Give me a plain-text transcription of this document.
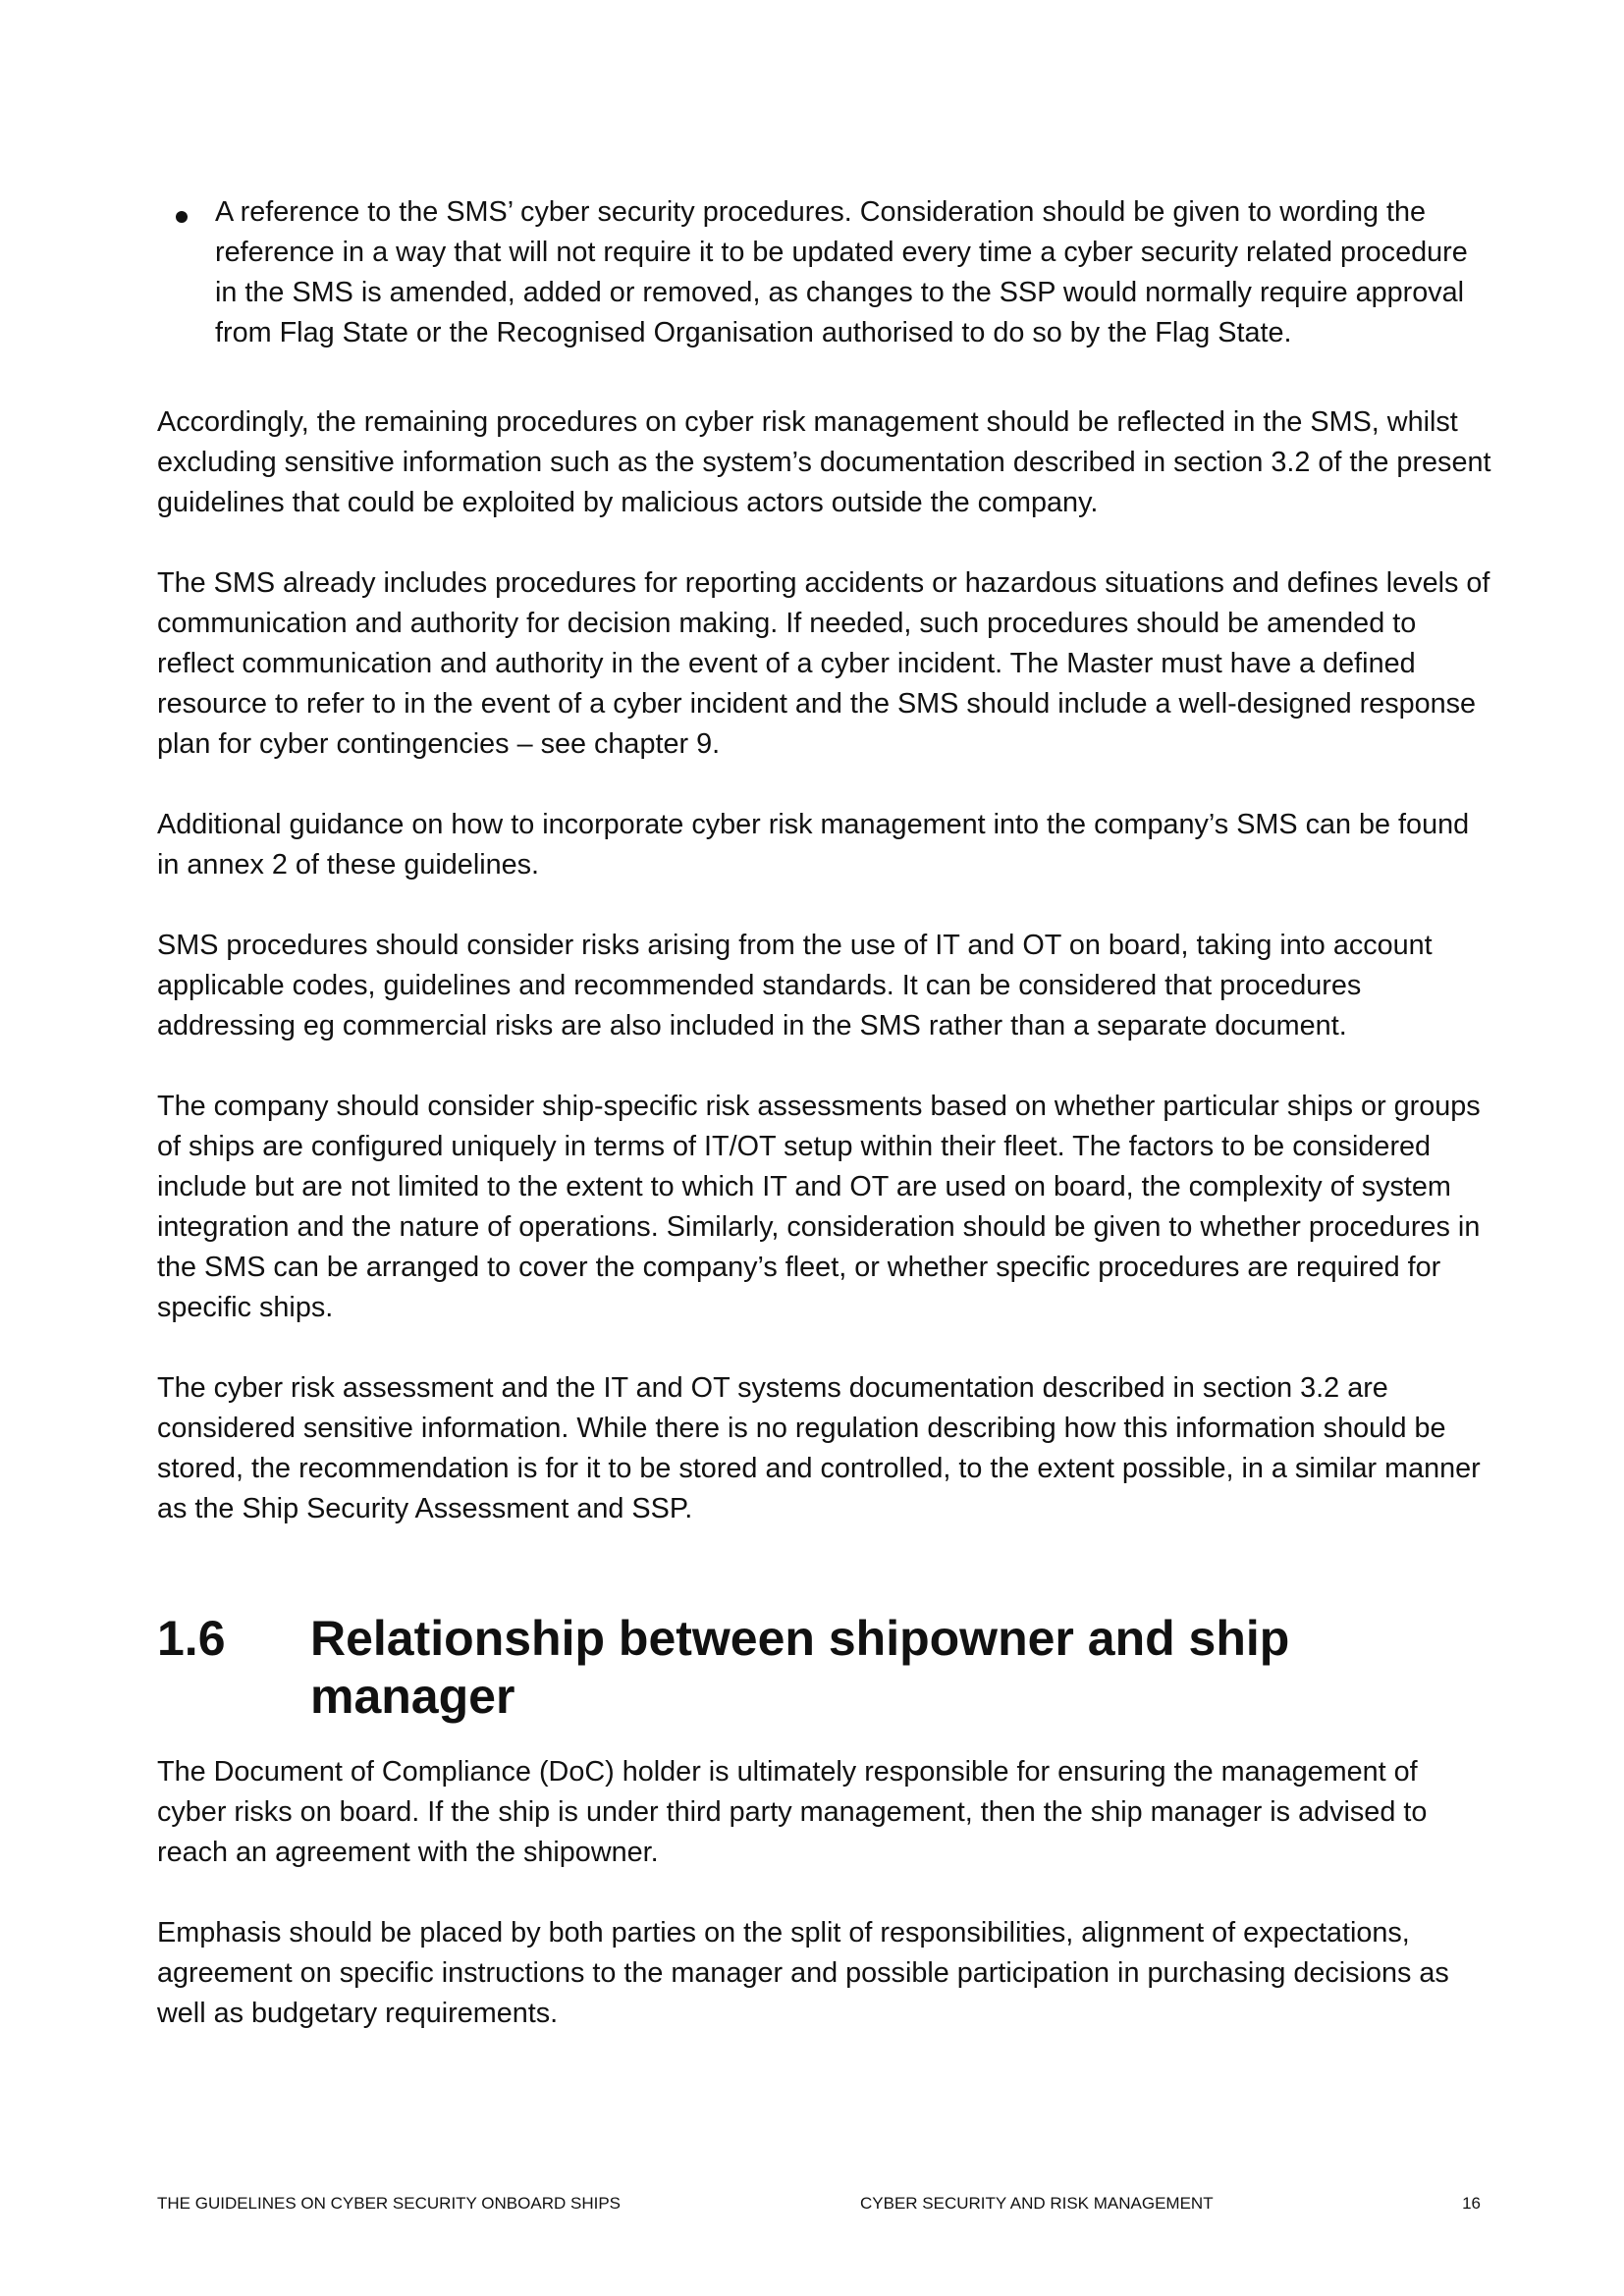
A reference to the SMS’ cyber security procedures. Consideration should be given to wording the reference in a way that will not require it to be updated every time a cyber security related procedure in the SMS is amended, added or removed, as changes to the SSP would normally require approval from Flag State or the Recognised Organisation authorised to do so by the Flag State.

Accordingly, the remaining procedures on cyber risk management should be reflected in the SMS, whilst excluding sensitive information such as the system’s documentation described in section 3.2 of the present guidelines that could be exploited by malicious actors outside the company.

The SMS already includes procedures for reporting accidents or hazardous situations and defines levels of communication and authority for decision making. If needed, such procedures should be amended to reflect communication and authority in the event of a cyber incident. The Master must have a defined resource to refer to in the event of a cyber incident and the SMS should include a well-designed response plan for cyber contingencies – see chapter 9.

Additional guidance on how to incorporate cyber risk management into the company’s SMS can be found in annex 2 of these guidelines.

SMS procedures should consider risks arising from the use of IT and OT on board, taking into account applicable codes, guidelines and recommended standards. It can be considered that procedures addressing eg commercial risks are also included in the SMS rather than a separate document.

The company should consider ship-specific risk assessments based on whether particular ships or groups of ships are configured uniquely in terms of IT/OT setup within their fleet. The factors to be considered include but are not limited to the extent to which IT and OT are used on board, the complexity of system integration and the nature of operations. Similarly, consideration should be given to whether procedures in the SMS can be arranged to cover the company’s fleet, or whether specific procedures are required for specific ships.

The cyber risk assessment and the IT and OT systems documentation described in section 3.2 are considered sensitive information. While there is no regulation describing how this information should be stored, the recommendation is for it to be stored and controlled, to the extent possible, in a similar manner as the Ship Security Assessment and SSP.

1.6	Relationship between shipowner and ship manager

The Document of Compliance (DoC) holder is ultimately responsible for ensuring the management of cyber risks on board. If the ship is under third party management, then the ship manager is advised to reach an agreement with the shipowner.

Emphasis should be placed by both parties on the split of responsibilities, alignment of expectations, agreement on specific instructions to the manager and possible participation in purchasing decisions as well as budgetary requirements.

THE GUIDELINES ON CYBER SECURITY ONBOARD SHIPS	CYBER SECURITY AND RISK MANAGEMENT	16
